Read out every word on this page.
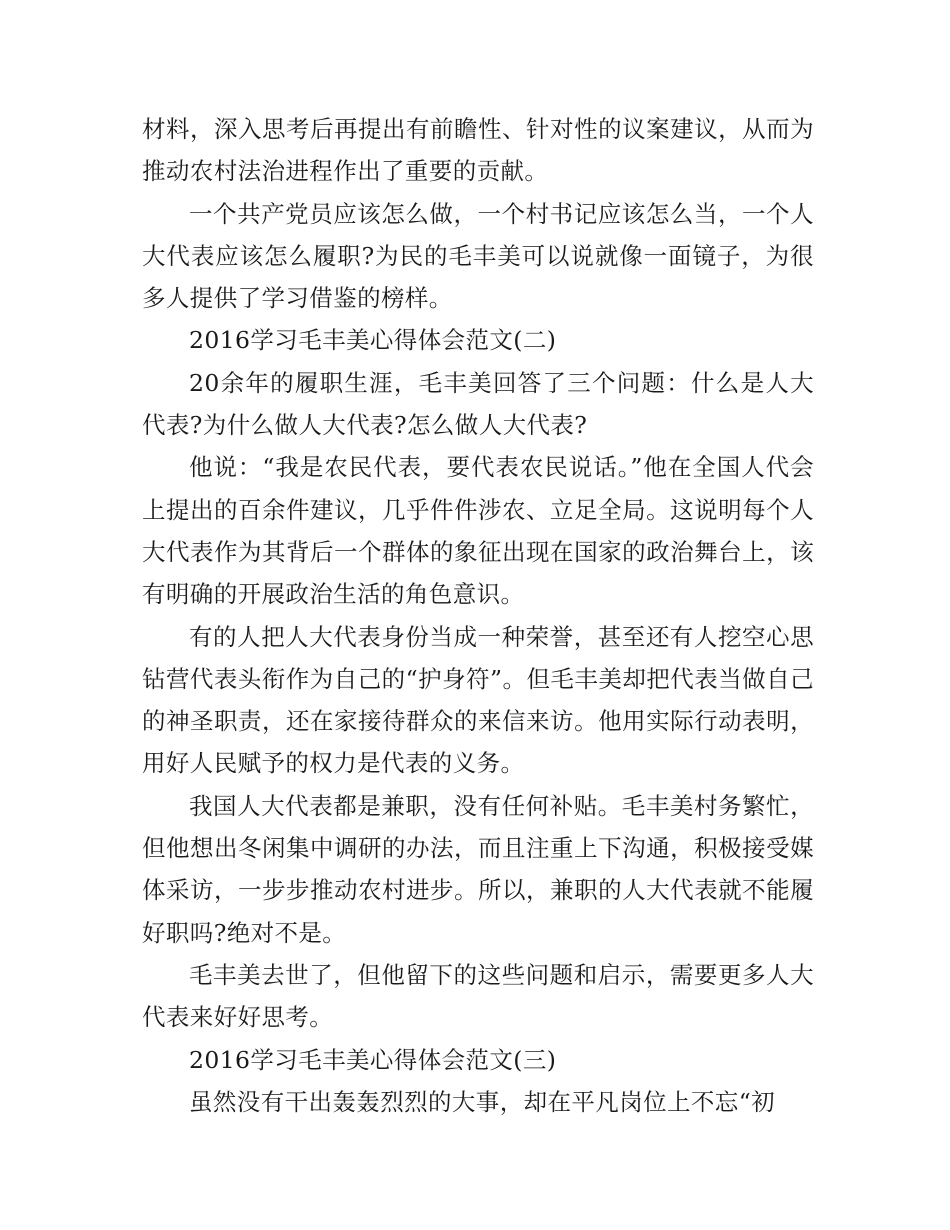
材料，深入思考后再提出有前瞻性、针对性的议案建议，从而为推动农村法治进程作出了重要的贡献。

一个共产党员应该怎么做，一个村书记应该怎么当，一个人大代表应该怎么履职?为民的毛丰美可以说就像一面镜子，为很多人提供了学习借鉴的榜样。

2016学习毛丰美心得体会范文(二)

20余年的履职生涯，毛丰美回答了三个问题：什么是人大代表?为什么做人大代表?怎么做人大代表?

他说：“我是农民代表，要代表农民说话。”他在全国人代会上提出的百余件建议，几乎件件涉农、立足全局。这说明每个人大代表作为其背后一个群体的象征出现在国家的政治舞台上，该有明确的开展政治生活的角色意识。

有的人把人大代表身份当成一种荣誉，甚至还有人挖空心思钻营代表头衔作为自己的“护身符”。但毛丰美却把代表当做自己的神圣职责，还在家接待群众的来信来访。他用实际行动表明，用好人民赋予的权力是代表的义务。

我国人大代表都是兼职，没有任何补贴。毛丰美村务繁忙，但他想出冬闲集中调研的办法，而且注重上下沟通，积极接受媒体采访，一步步推动农村进步。所以，兼职的人大代表就不能履好职吗?绝对不是。

毛丰美去世了，但他留下的这些问题和启示，需要更多人大代表来好好思考。

2016学习毛丰美心得体会范文(三)

虽然没有干出轰轰烈烈的大事，却在平凡岗位上不忘“初
